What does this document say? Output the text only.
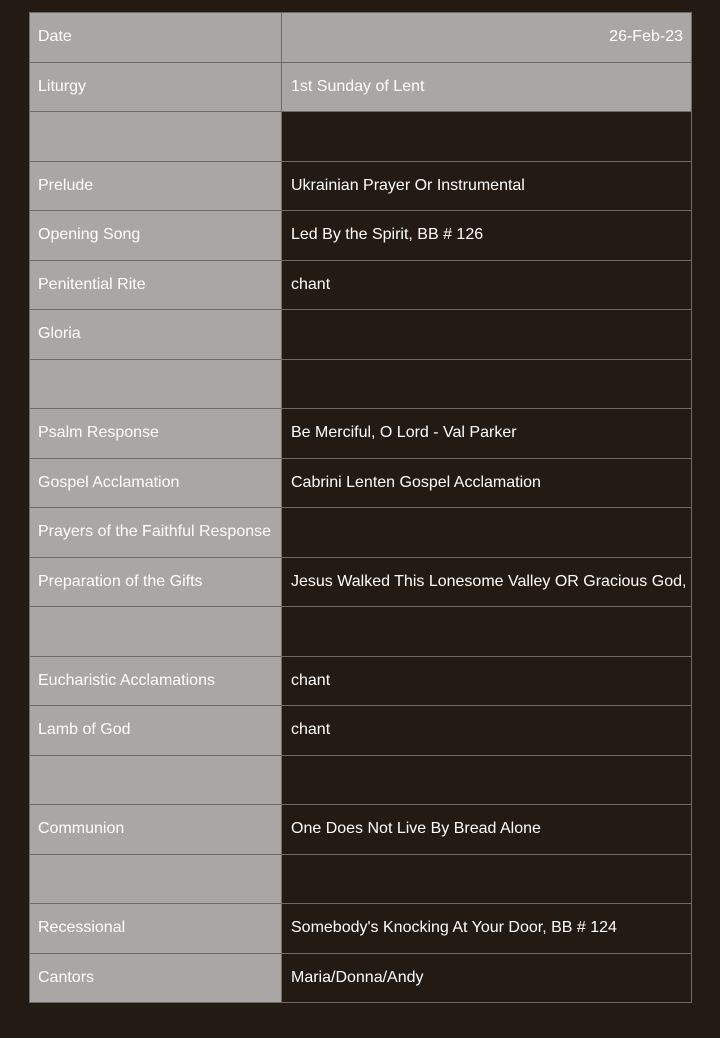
Date	26-Feb-23
Liturgy	1st Sunday of Lent

Prelude	Ukrainian Prayer Or Instrumental
Opening Song	Led By the Spirit, BB # 126
Penitential Rite	chant
Gloria	

Psalm Response	Be Merciful, O Lord - Val Parker
Gospel Acclamation	Cabrini Lenten Gospel Acclamation
Prayers of the Faithful Response	
Preparation of the Gifts	Jesus Walked This Lonesome Valley OR Gracious God,

Eucharistic Acclamations	chant
Lamb of God	chant

Communion	One Does Not Live By Bread Alone

Recessional	Somebody's Knocking At Your Door, BB # 124
Cantors	Maria/Donna/Andy
